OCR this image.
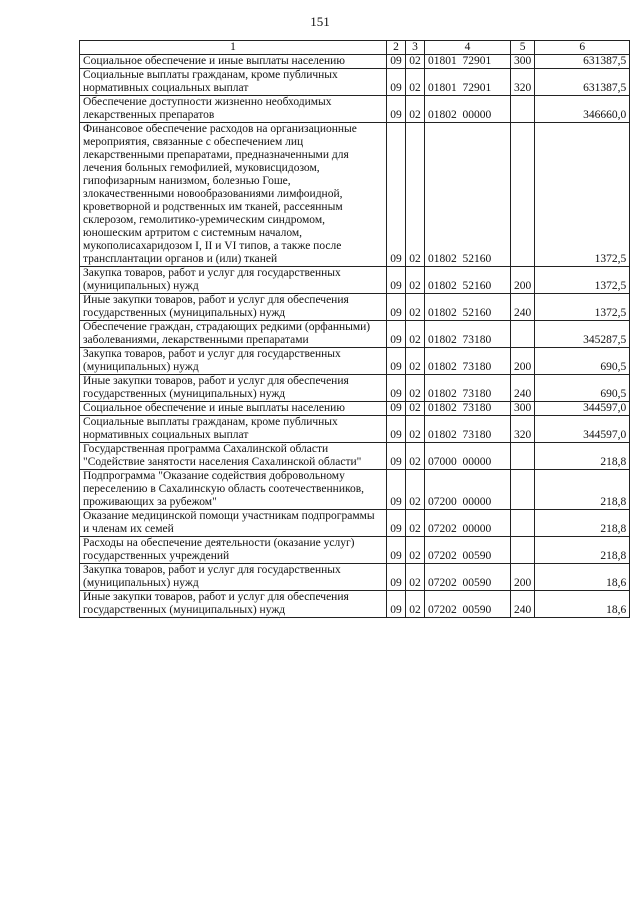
151
1	2	3	4	5	6
Социальное обеспечение и иные выплаты населению	09	02	01801  72901	300	631387,5
Социальные выплаты гражданам, кроме публичных нормативных социальных выплат	09	02	01801  72901	320	631387,5
Обеспечение доступности жизненно необходимых лекарственных препаратов	09	02	01802  00000		346660,0
Финансовое обеспечение расходов на организационные мероприятия, связанные с обеспечением лиц лекарственными препаратами, предназначенными для лечения больных гемофилией, муковисцидозом, гипофизарным нанизмом, болезнью Гоше, злокачественными новообразованиями лимфоидной, кроветворной и родственных им тканей, рассеянным склерозом, гемолитико-уремическим синдромом, юношеским артритом с системным началом, мукополисахаридозом I, II и VI типов, а также после трансплантации органов и (или) тканей	09	02	01802  52160		1372,5
Закупка товаров, работ и услуг для государственных (муниципальных) нужд	09	02	01802  52160	200	1372,5
Иные закупки товаров, работ и услуг для обеспечения государственных (муниципальных) нужд	09	02	01802  52160	240	1372,5
Обеспечение граждан, страдающих редкими (орфанными) заболеваниями, лекарственными препаратами	09	02	01802  73180		345287,5
Закупка товаров, работ и услуг для государственных (муниципальных) нужд	09	02	01802  73180	200	690,5
Иные закупки товаров, работ и услуг для обеспечения государственных (муниципальных) нужд	09	02	01802  73180	240	690,5
Социальное обеспечение и иные выплаты населению	09	02	01802  73180	300	344597,0
Социальные выплаты гражданам, кроме публичных нормативных социальных выплат	09	02	01802  73180	320	344597,0
Государственная программа Сахалинской области "Содействие занятости населения Сахалинской области"	09	02	07000  00000		218,8
Подпрограмма "Оказание содействия добровольному переселению в Сахалинскую область соотечественников, проживающих за рубежом"	09	02	07200  00000		218,8
Оказание медицинской помощи участникам подпрограммы и членам их семей	09	02	07202  00000		218,8
Расходы на обеспечение деятельности (оказание услуг) государственных учреждений	09	02	07202  00590		218,8
Закупка товаров, работ и услуг для государственных (муниципальных) нужд	09	02	07202  00590	200	18,6
Иные закупки товаров, работ и услуг для обеспечения государственных (муниципальных) нужд	09	02	07202  00590	240	18,6
